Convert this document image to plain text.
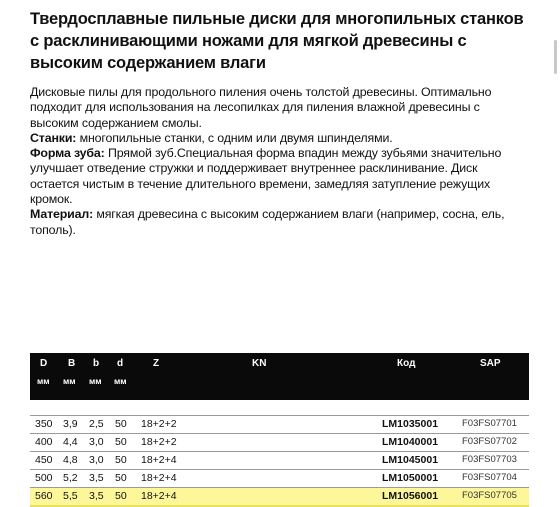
Твердосплавные пильные диски для многопильных станков с расклинивающими ножами для мягкой древесины с высоким содержанием влаги

Дисковые пилы для продольного пиления очень толстой древесины. Оптимально подходит для использования на лесопилках для пиления влажной древесины с высоким содержанием смолы.

Станки: многопильные станки, с одним или двумя шпинделями.

Форма зуба: Прямой зуб.Специальная форма впадин между зубьями значительно улучшает отведение стружки и поддерживает внутреннее расклинивание. Диск остается чистым в течение длительного времени, замедляя затупление режущих кромок.

Материал: мягкая древесина с высоким содержанием влаги (например, сосна, ель, тополь).

D B b d	Z	KN	Код	SAP
мм мм мм мм
350 3,9 2,5 50 18+2+2	LM1035001	F03FS07701
400 4,4 3,0 50 18+2+2	LM1040001	F03FS07702
450 4,8 3,0 50 18+2+4	LM1045001	F03FS07703
500 5,2 3,5 50 18+2+4	LM1050001	F03FS07704
560 5,5 3,5 50 18+2+4	LM1056001	F03FS07705
